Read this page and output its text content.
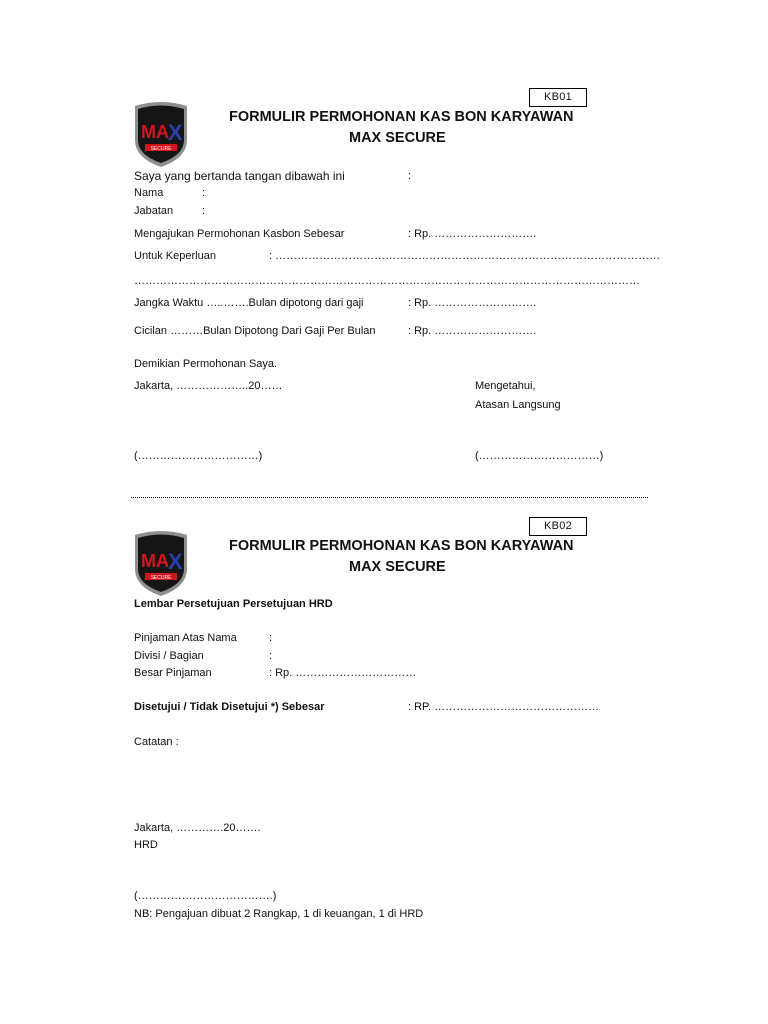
KB01
FORMULIR PERMOHONAN KAS BON KARYAWAN
MAX SECURE
Saya yang bertanda tangan dibawah ini	:
Nama	:
Jabatan	:
Mengajukan Permohonan Kasbon Sebesar	: Rp. ……………………….
Untuk Keperluan	: ……………………………………………………………………………………………
…………………………………………………………………………………………………………………………
Jangka Waktu …..…….Bulan dipotong dari gaji	: Rp. ……………………….
Cicilan ………Bulan Dipotong Dari Gaji Per Bulan	: Rp. ……………………….
Demikian Permohonan Saya.
Jakarta, ………………..20……	Mengetahui,
Atasan Langsung
(……………………………)	(……………………………)
KB02
FORMULIR PERMOHONAN KAS BON KARYAWAN
MAX SECURE
Lembar Persetujuan Persetujuan HRD
Pinjaman Atas Nama	:
Divisi / Bagian	:
Besar Pinjaman	: Rp. ……………………………
Disetujui / Tidak Disetujui *) Sebesar	: RP. ………………………………………
Catatan :
Jakarta, ………….20…….
HRD
(……………………………….)
NB: Pengajuan dibuat 2 Rangkap, 1 di keuangan, 1 di HRD
